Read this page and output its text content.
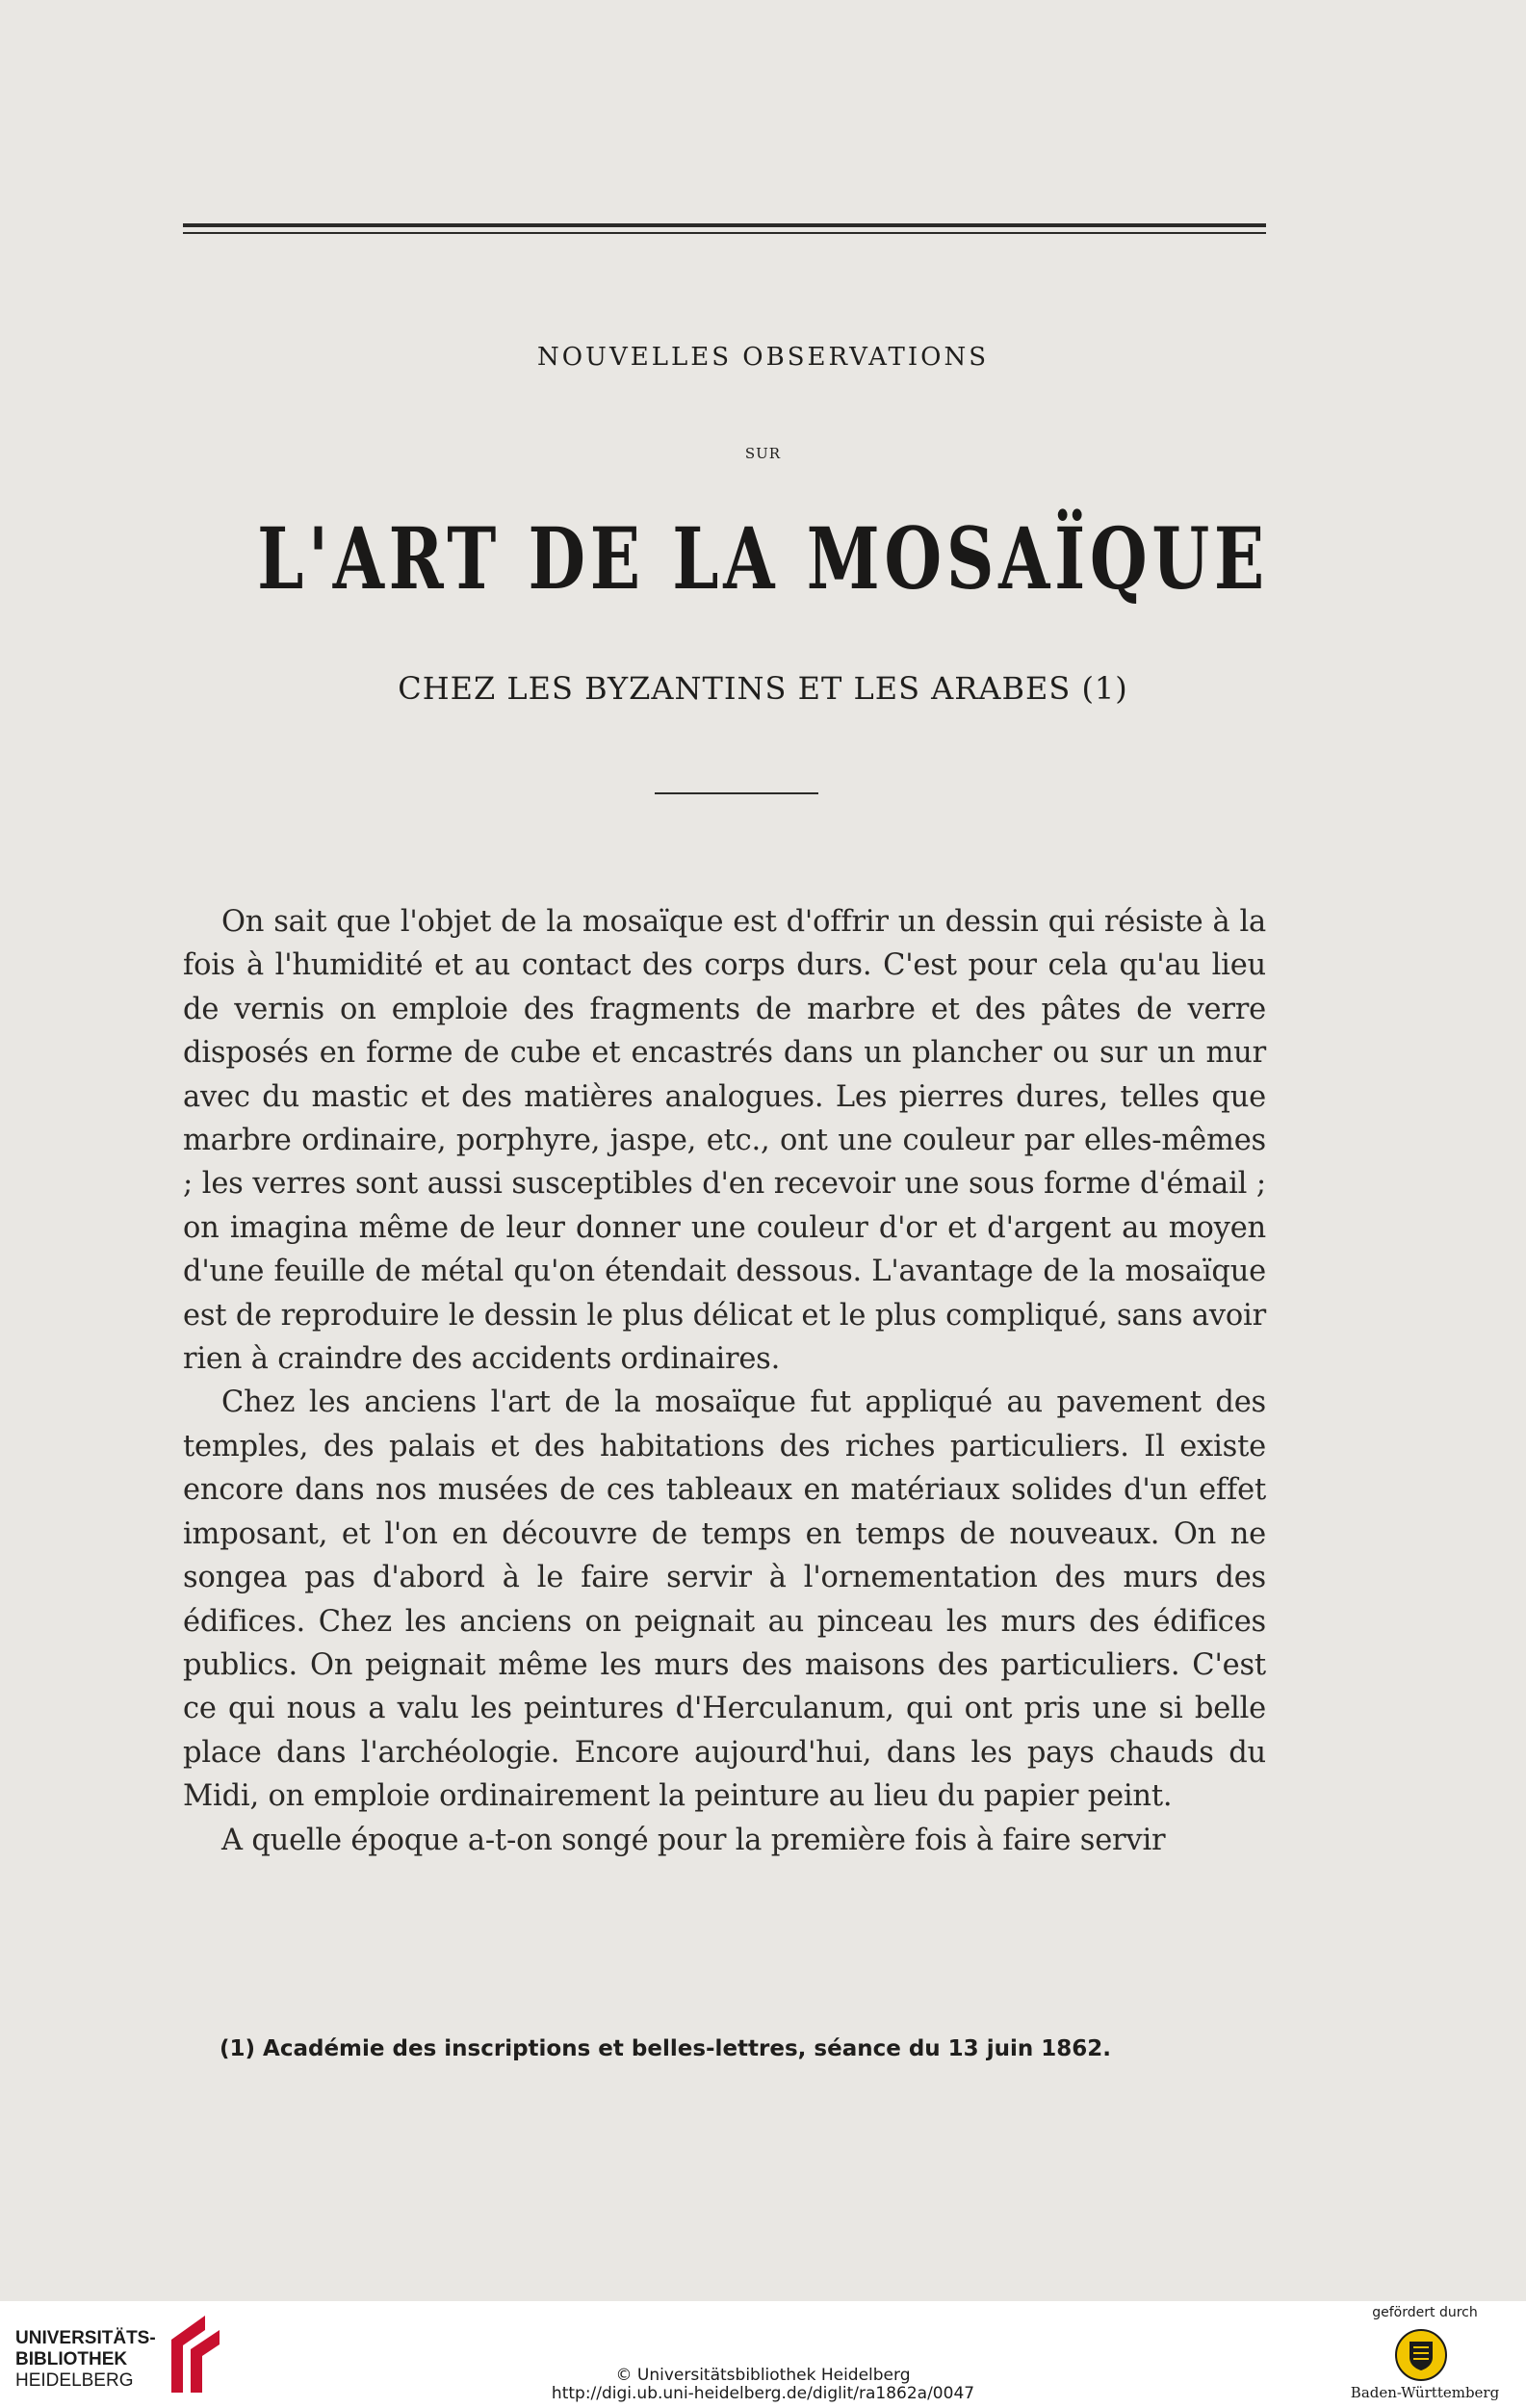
NOUVELLES OBSERVATIONS
SUR
L'ART DE LA MOSAÏQUE
CHEZ LES BYZANTINS ET LES ARABES (1)

On sait que l'objet de la mosaïque est d'offrir un dessin qui résiste à la fois à l'humidité et au contact des corps durs. C'est pour cela qu'au lieu de vernis on emploie des fragments de marbre et des pâtes de verre disposés en forme de cube et encastrés dans un plancher ou sur un mur avec du mastic et des matières analogues. Les pierres dures, telles que marbre ordinaire, porphyre, jaspe, etc., ont une couleur par elles-mêmes ; les verres sont aussi susceptibles d'en recevoir une sous forme d'émail ; on imagina même de leur donner une couleur d'or et d'argent au moyen d'une feuille de métal qu'on étendait dessous. L'avantage de la mosaïque est de reproduire le dessin le plus délicat et le plus compliqué, sans avoir rien à craindre des accidents ordinaires.

Chez les anciens l'art de la mosaïque fut appliqué au pavement des temples, des palais et des habitations des riches particuliers. Il existe encore dans nos musées de ces tableaux en matériaux solides d'un effet imposant, et l'on en découvre de temps en temps de nouveaux. On ne songea pas d'abord à le faire servir à l'ornementation des murs des édifices. Chez les anciens on peignait au pinceau les murs des édifices publics. On peignait même les murs des maisons des particuliers. C'est ce qui nous a valu les peintures d'Herculanum, qui ont pris une si belle place dans l'archéologie. Encore aujourd'hui, dans les pays chauds du Midi, on emploie ordinairement la peinture au lieu du papier peint.

A quelle époque a-t-on songé pour la première fois à faire servir

(1) Académie des inscriptions et belles-lettres, séance du 13 juin 1862.
UNIVERSITÄTS-
BIBLIOTHEK
HEIDELBERG	© Universitätsbibliothek Heidelberg
http://digi.ub.uni-heidelberg.de/diglit/ra1862a/0047
gefördert durch
Baden-Württemberg
